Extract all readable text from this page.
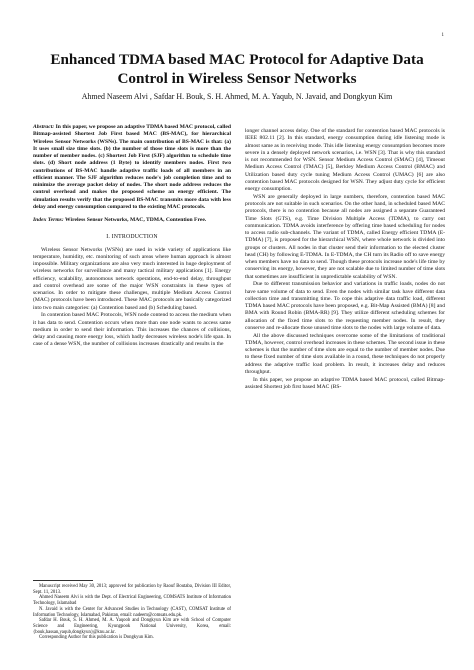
1
Enhanced TDMA based MAC Protocol for Adaptive Data Control in Wireless Sensor Networks
Ahmed Naseem Alvi , Safdar H. Bouk, S. H. Ahmed, M. A. Yaqub, N. Javaid, and Dongkyun Kim
Abstract: In this paper, we propose an adaptive TDMA based MAC protocol, called Bitmap-assisted Shortest Job First based MAC (BS-MAC), for hierarchical Wireless Sensor Networks (WSNs). The main contribution of BS-MAC is that: (a) It uses small size time slots. (b) the number of those time slots is more than the number of member nodes. (c) Shortest Job First (SJF) algorithm to schedule time slots. (d) Short node address (1 Byte) to identify members nodes. First two contributions of BS-MAC handle adaptive traffic loads of all members in an efficient manner. The SJF algorithm reduces node's job completion time and to minimize the average packet delay of nodes. The short node address reduces the control overhead and makes the proposed scheme an energy efficient. The simulation results verify that the proposed BS-MAC transmits more data with less delay and energy consumption compared to the existing MAC protocols.
Index Terms: Wireless Sensor Networks, MAC, TDMA, Contention Free.
I. INTRODUCTION

Wireless Sensor Networks (WSNs) are used in wide variety of applications like temperature, humidity, etc. monitoring of such areas where human approach is almost impossible. Military organizations are also very much interested in huge deployment of wireless networks for surveillance and many tactical military applications [1]. Energy efficiency, scalability, autonomous network operations, end-to-end delay, throughput and control overhead are some of the major WSN constraints in these types of scenarios. In order to mitigate these challenges, multiple Medium Access Control (MAC) protocols have been introduced. These MAC protocols are basically categorized into two main categories: (a) Contention based and (b) Scheduling based.

In contention based MAC Protocols, WSN node contend to access the medium when it has data to send. Contention occurs when more than one node wants to access same medium in order to send their information. This increases the chances of collisions, delay and causing more energy loss, which badly decreases wireless node's life span. In case of a dense WSN, the number of collisions increases drastically and results in the

Manuscript received May 30, 2013; approved for publication by Raouf Boutaba, Division III Editor, Sept. 11, 2013.

Ahmed Naseem Alvi is with the Dept. of Electrical Engineering, COMSATS Institute of Information Technology, Islamabad

N. Javaid is with the Center for Advanced Studies in Technology (CAST), COMSAT Institute of Information Technology, Islamabad, Pakistan, email: nadeem@comsats.edu.pk.

Safdar H. Bouk, S. H. Ahmed, M. A. Yaqoob and Dongkyun Kim are with School of Computer Science and Engineering, Kyungpook National University, Korea, email: {bouk,hassan,yaqub,dongkyun}@knu.ac.kr.

Corresponding Author for this publication is Dongkyun Kim.

longer channel access delay. One of the standard for contention based MAC protocols is IEEE 802.11 [2]. In this standard, energy consumption during idle listening mode is almost same as in receiving mode. This idle listening energy consumption becomes more severe in a densely deployed network scenarios, i.e. WSN [3]. That is why this standard is not recommended for WSN. Sensor Medium Access Control (SMAC) [4], Timeout Medium Access Control (TMAC) [5], Berkley Medium Access Control (BMAC) and Utilization based duty cycle tuning Medium Access Control (UMAC) [6] are also contention based MAC protocols designed for WSN. They adjust duty cycle for efficient energy consumption.

WSN are generally deployed in large numbers, therefore, contention based MAC protocols are not suitable in such scenarios. On the other hand, in scheduled based MAC protocols, there is no contention because all nodes are assigned a separate Guaranteed Time Slots (GTS), e.g. Time Division Multiple Access (TDMA), to carry out communication. TDMA avoids interference by offering time based scheduling for nodes to access radio sub-channels. The variant of TDMA, called Energy efficient TDMA (E-TDMA) [7], is proposed for the hierarchical WSN, where whole network is divided into groups or clusters. All nodes in that cluster send their information to the elected cluster head (CH) by following E-TDMA. In E-TDMA, the CH turn its Radio off to save energy when members have no data to send. Though these protocols increase node's life time by conserving its energy, however, they are not scalable due to limited number of time slots that sometimes are insufficient in unpredictable scalability of WSN.

Due to different transmission behavior and variations in traffic loads, nodes do not have same volume of data to send. Even the nodes with similar task have different data collection time and transmitting time. To cope this adaptive data traffic load, different TDMA based MAC protocols have been proposed, e.g. Bit-Map Assisted (BMA) [8] and BMA with Round Robin (BMA-RR) [9]. They utilize different scheduling schemes for allocation of the fixed time slots to the requesting member nodes. In result, they conserve and re-allocate those unused time slots to the nodes with large volume of data.

All the above discussed techniques overcome some of the limitations of traditional TDMA, however, control overhead increases in these schemes. The second issue in these schemes is that the number of time slots are equal to the number of member nodes. Due to these fixed number of time slots available in a round, these techniques do not properly address the adaptive traffic load problem. In result, it increases delay and reduces throughput.

In this paper, we propose an adaptive TDMA based MAC protocol, called Bitmap-assisted Shortest job first based MAC (BS-
